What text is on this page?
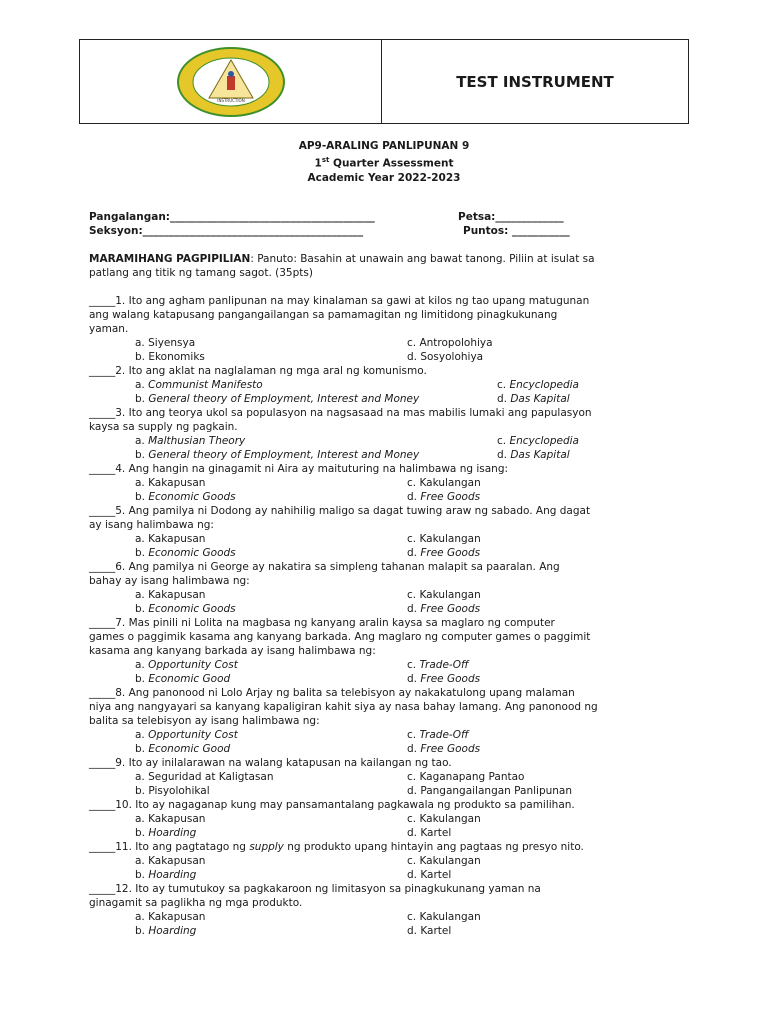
INSTRUCTION
TEST INSTRUMENT
AP9-ARALING PANLIPUNAN 9
1st Quarter Assessment
Academic Year 2022-2023
Pangalangan:_______________________________________	Petsa:_____________
Seksyon:__________________________________________	Puntos: ___________
MARAMIHANG PAGPIPILIAN: Panuto: Basahin at unawain ang bawat tanong. Piliin at isulat sa
patlang ang titik ng tamang sagot. (35pts)
_____1. Ito ang agham panlipunan na may kinalaman sa gawi at kilos ng tao upang matugunan
ang walang katapusang pangangailangan sa pamamagitan ng limitidong pinagkukunang
yaman.
a. Siyensya	c. Antropolohiya
b. Ekonomiks	d. Sosyolohiya
_____2. Ito ang aklat na naglalaman ng mga aral ng komunismo.
a. Communist Manifesto	c. Encyclopedia
b. General theory of Employment, Interest and Money	d. Das Kapital
_____3. Ito ang teorya ukol sa populasyon na nagsasaad na mas mabilis lumaki ang papulasyon
kaysa sa supply ng pagkain.
a. Malthusian Theory	c. Encyclopedia
b. General theory of Employment, Interest and Money	d. Das Kapital
_____4. Ang hangin na ginagamit ni Aira ay maituturing na halimbawa ng isang:
a. Kakapusan	c. Kakulangan
b. Economic Goods	d. Free Goods
_____5. Ang pamilya ni Dodong ay nahihilig maligo sa dagat tuwing araw ng sabado. Ang dagat
ay isang halimbawa ng:
a. Kakapusan	c. Kakulangan
b. Economic Goods	d. Free Goods
_____6. Ang pamilya ni George ay nakatira sa simpleng tahanan malapit sa paaralan. Ang
bahay ay isang halimbawa ng:
a. Kakapusan	c. Kakulangan
b. Economic Goods	d. Free Goods
_____7. Mas pinili ni Lolita na magbasa ng kanyang aralin kaysa sa maglaro ng computer
games o paggimik kasama ang kanyang barkada. Ang maglaro ng computer games o paggimit
kasama ang kanyang barkada ay isang halimbawa ng:
a. Opportunity Cost	c. Trade-Off
b. Economic Good	d. Free Goods
_____8. Ang panonood ni Lolo Arjay ng balita sa telebisyon ay nakakatulong upang malaman
niya ang nangyayari sa kanyang kapaligiran kahit siya ay nasa bahay lamang. Ang panonood ng
balita sa telebisyon ay isang halimbawa ng:
a. Opportunity Cost	c. Trade-Off
b. Economic Good	d. Free Goods
_____9. Ito ay inilalarawan na walang katapusan na kailangan ng tao.
a. Seguridad at Kaligtasan	c. Kaganapang Pantao
b. Pisyolohikal	d. Pangangailangan Panlipunan
_____10. Ito ay nagaganap kung may pansamantalang pagkawala ng produkto sa pamilihan.
a. Kakapusan	c. Kakulangan
b. Hoarding	d. Kartel
_____11. Ito ang pagtatago ng supply ng produkto upang hintayin ang pagtaas ng presyo nito.
a. Kakapusan	c. Kakulangan
b. Hoarding	d. Kartel
_____12. Ito ay tumutukoy sa pagkakaroon ng limitasyon sa pinagkukunang yaman na
ginagamit sa paglikha ng mga produkto.
a. Kakapusan	c. Kakulangan
b. Hoarding	d. Kartel
